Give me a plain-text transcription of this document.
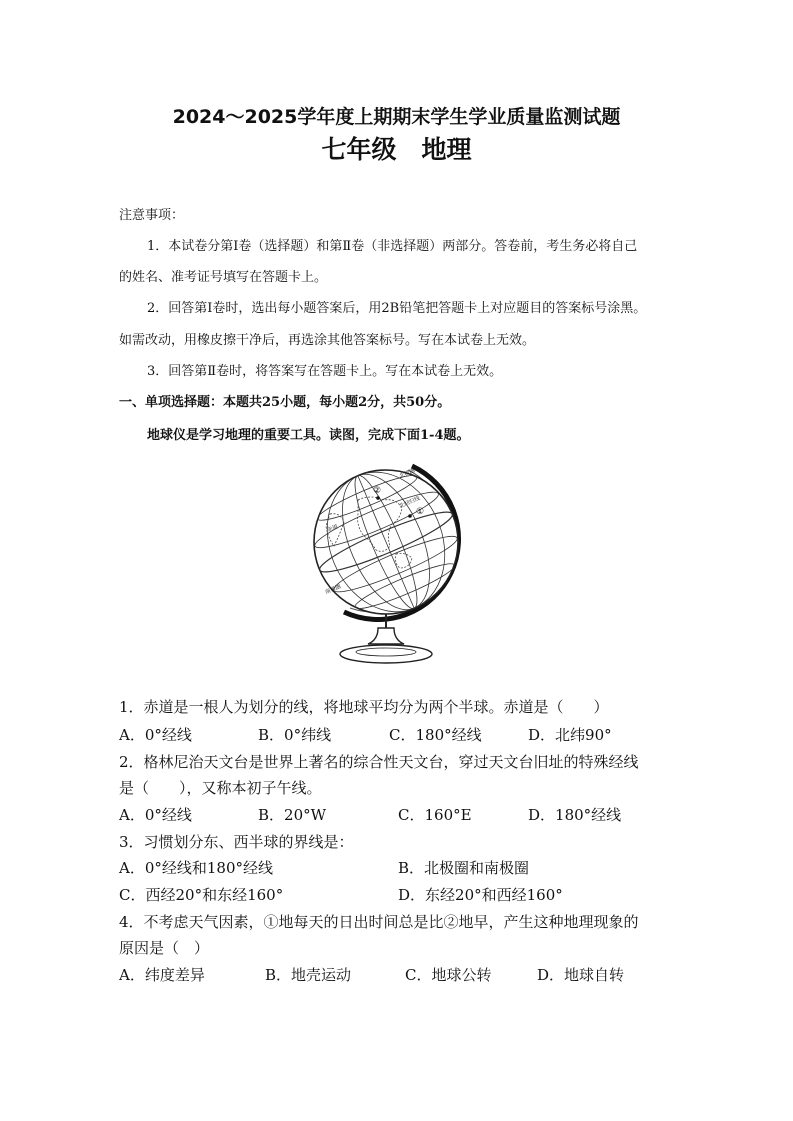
2024～2025学年度上期期末学生学业质量监测试题
七年级　地理
注意事项：
1．本试卷分第Ⅰ卷（选择题）和第Ⅱ卷（非选择题）两部分。答卷前，考生务必将自己
的姓名、准考证号填写在答题卡上。
2．回答第Ⅰ卷时，选出每小题答案后，用2B铅笔把答题卡上对应题目的答案标号涂黑。
如需改动，用橡皮擦干净后，再选涂其他答案标号。写在本试卷上无效。
3．回答第Ⅱ卷时，将答案写在答题卡上。写在本试卷上无效。
一、单项选择题：本题共25小题，每小题2分，共50分。
地球仪是学习地理的重要工具。读图，完成下面1-4题。
北极圈
北回归线
赤道
南极圈
①
②
1．赤道是一根人为划分的线，将地球平均分为两个半球。赤道是（　　）
A．0°经线	B．0°纬线	C．180°经线	D．北纬90°
2．格林尼治天文台是世界上著名的综合性天文台，穿过天文台旧址的特殊经线
是（　　），又称本初子午线。
A．0°经线	B．20°W	C．160°E	D．180°经线
3．习惯划分东、西半球的界线是：
A．0°经线和180°经线	B．北极圈和南极圈
C．西经20°和东经160°	D．东经20°和西经160°
4．不考虑天气因素，①地每天的日出时间总是比②地早，产生这种地理现象的
原因是（　）
A．纬度差异	B．地壳运动	C．地球公转	D．地球自转
